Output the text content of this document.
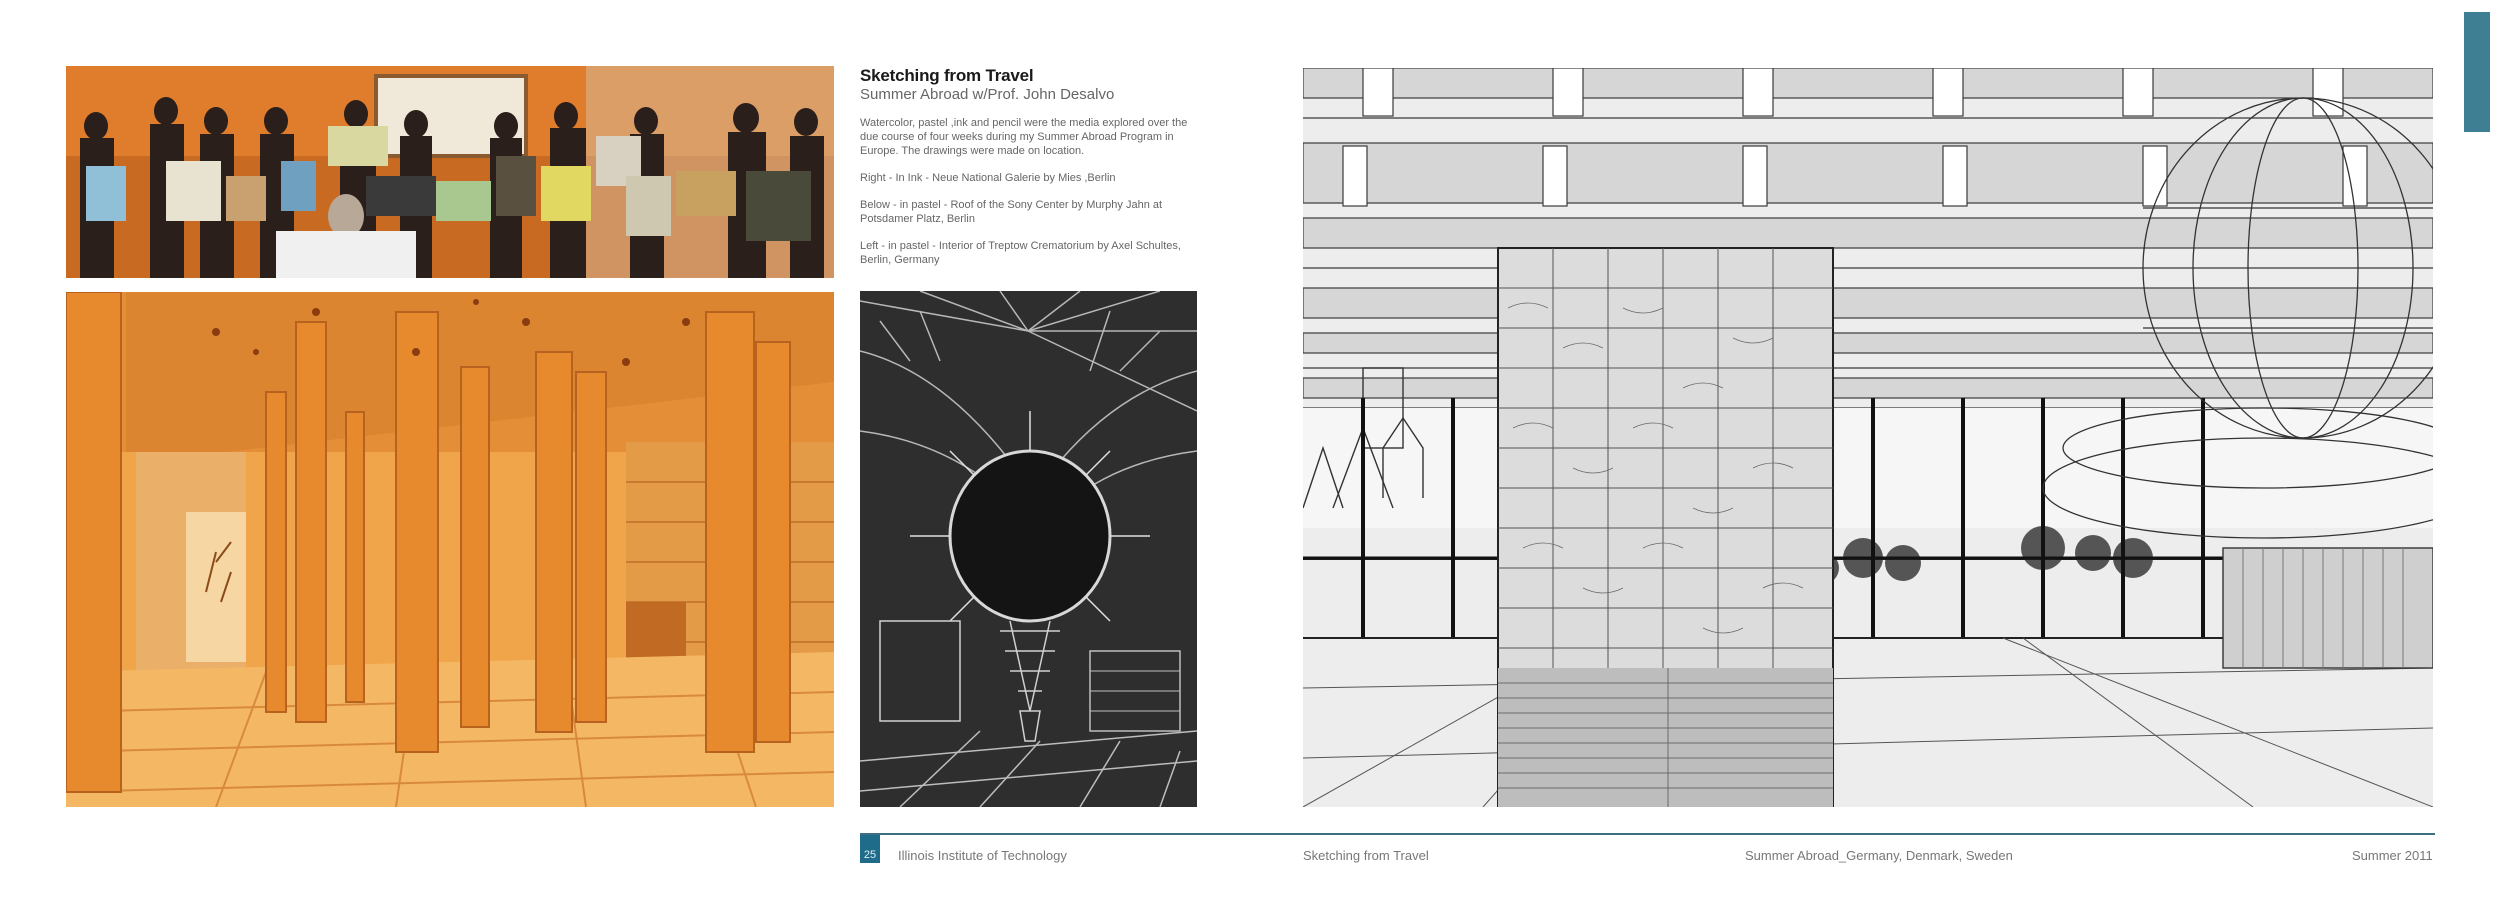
Sketching from Travel
Summer Abroad w/Prof. John Desalvo

Watercolor, pastel ,ink and pencil were the media explored over the due course of four weeks during my Summer Abroad Program in Europe. The drawings were made on location.

Right - In Ink - Neue National Galerie by Mies ,Berlin

Below - in pastel - Roof of the Sony Center by Murphy Jahn at Potsdamer Platz, Berlin

Left - in pastel - Interior of Treptow Crematorium by Axel Schultes, Berlin, Germany

25 Illinois Institute of Technology	Sketching from Travel	Summer Abroad_Germany, Denmark, Sweden	Summer 2011
